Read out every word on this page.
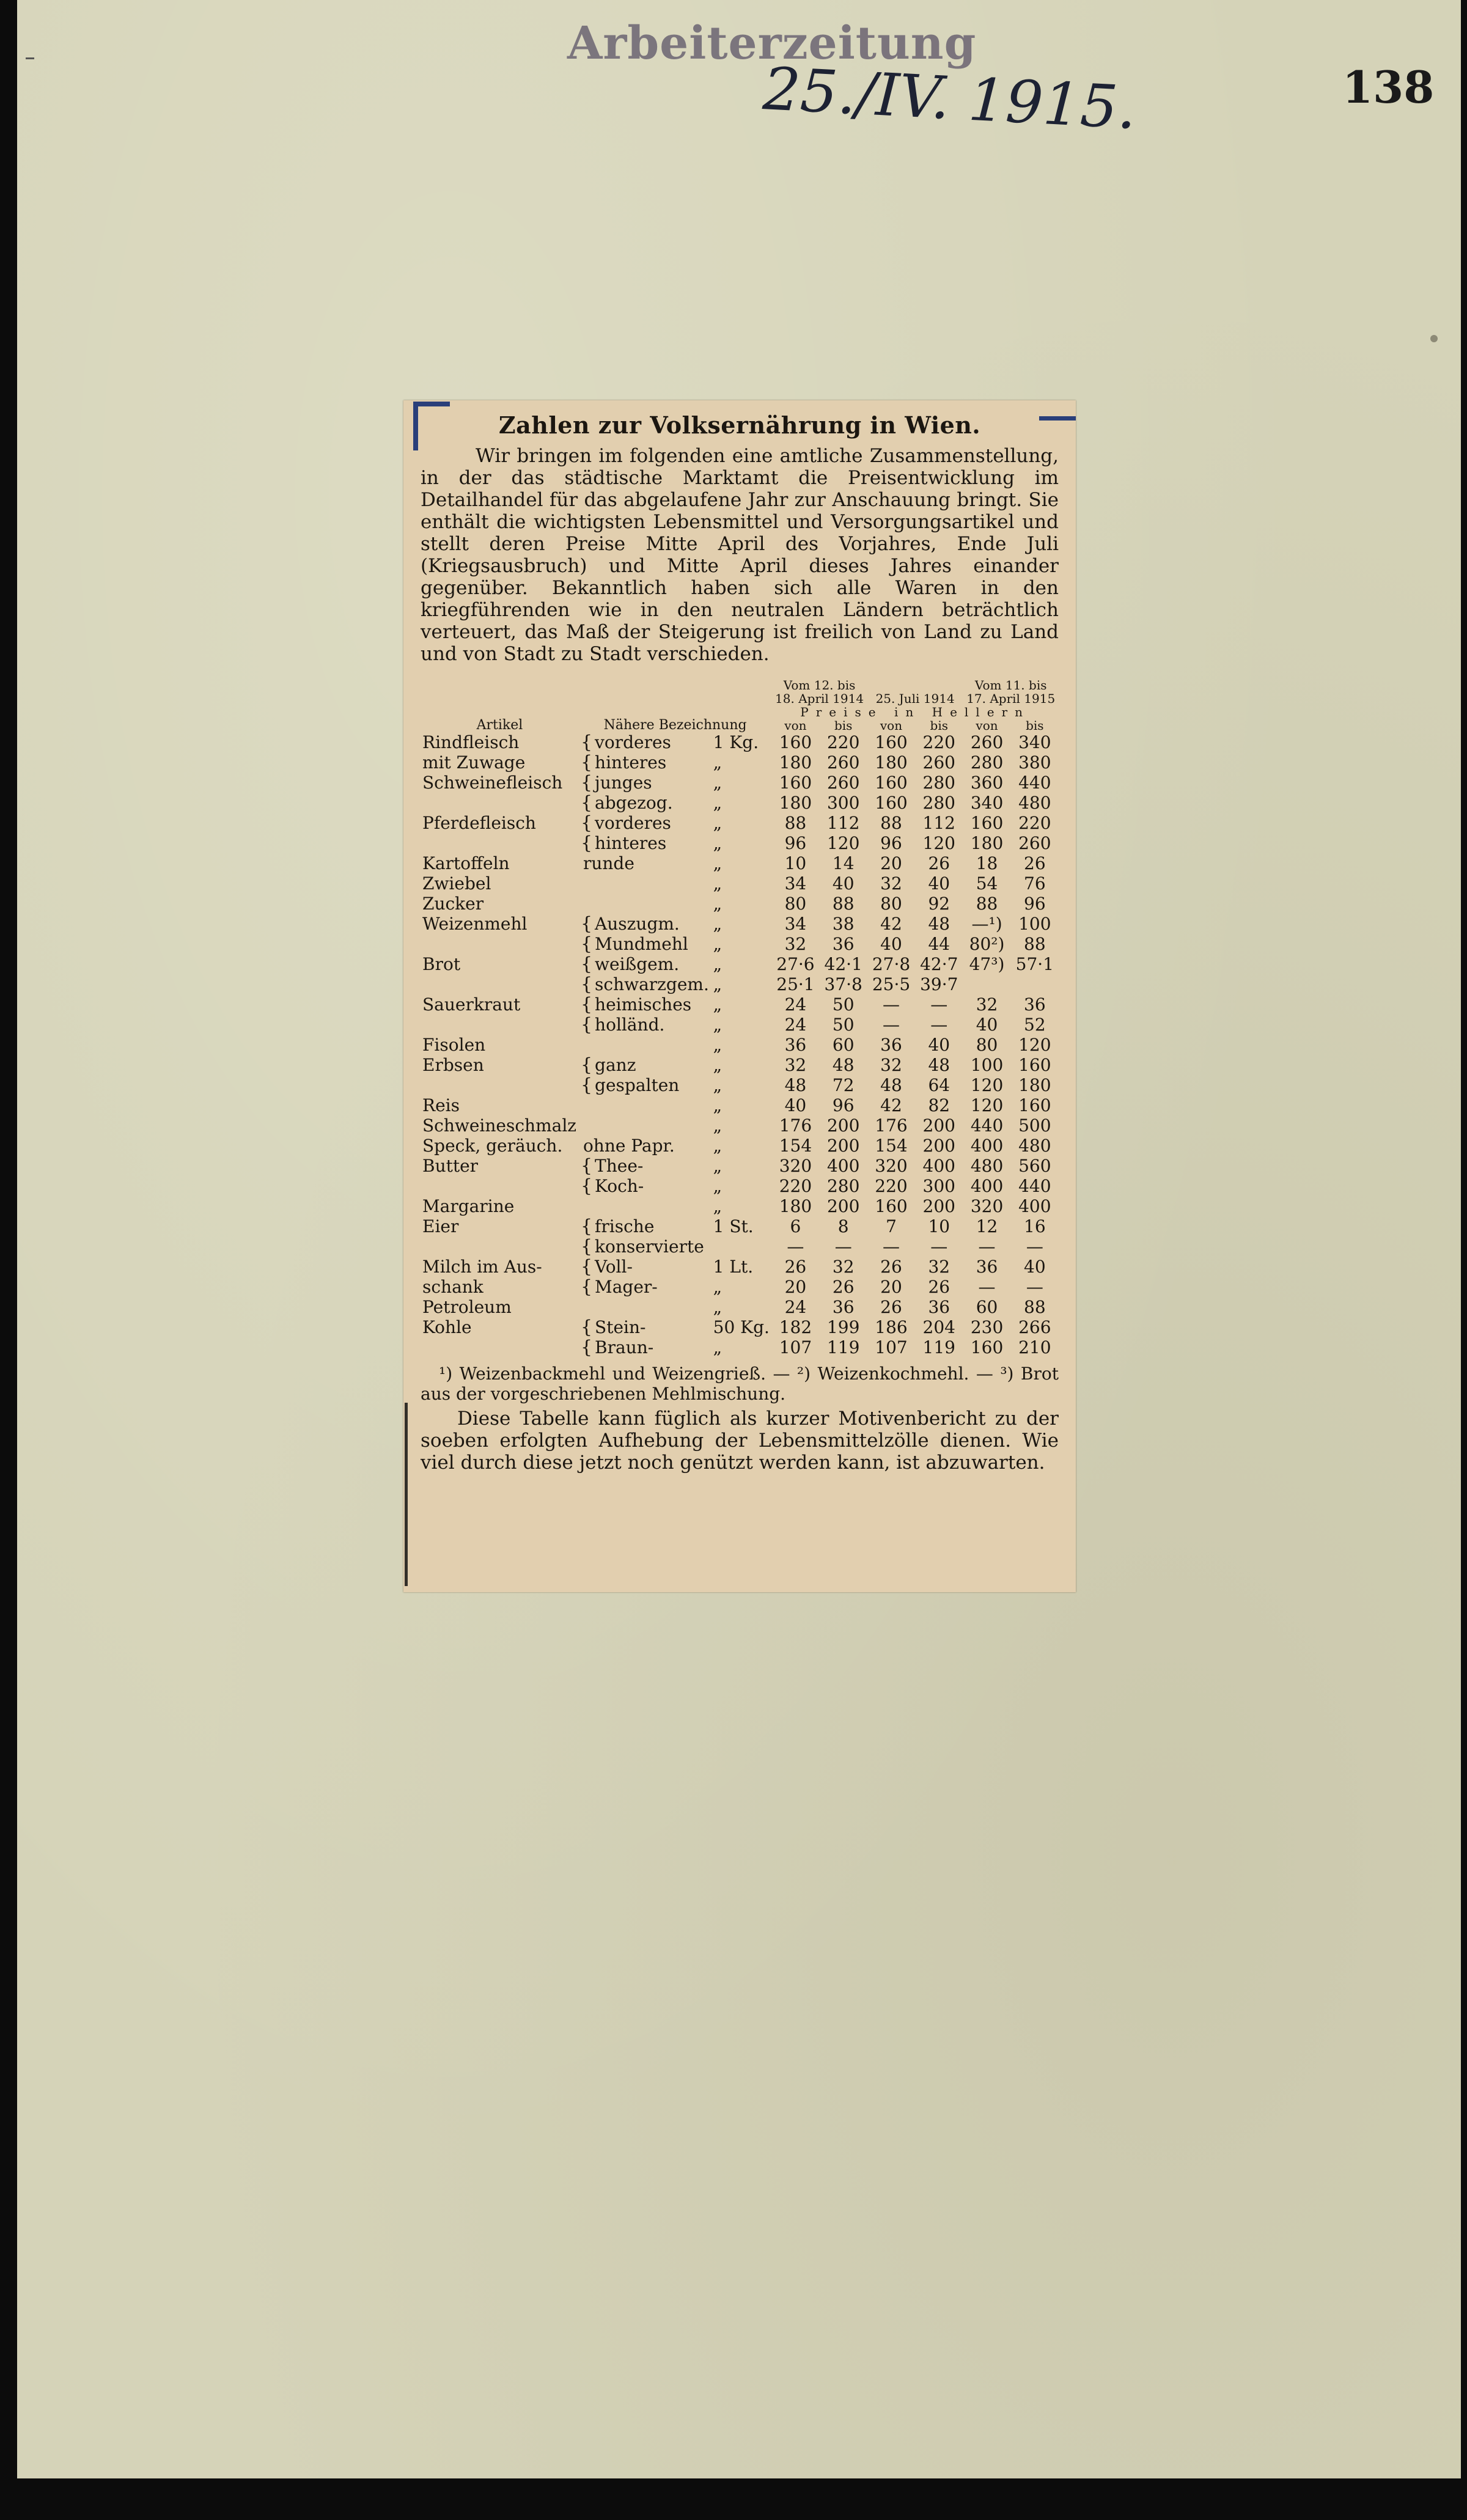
Arbeiterzeitung
25./IV. 1915.	138
Zahlen zur Volksernährung in Wien.

Wir bringen im folgenden eine amtliche Zusammenstellung, in der das städtische Marktamt die Preisentwicklung im Detailhandel für das abgelaufene Jahr zur Anschauung bringt. Sie enthält die wichtigsten Lebensmittel und Versorgungsartikel und stellt deren Preise Mitte April des Vorjahres, Ende Juli (Kriegsausbruch) und Mitte April dieses Jahres einander gegenüber. Bekanntlich haben sich alle Waren in den kriegführenden wie in den neutralen Ländern beträchtlich verteuert, das Maß der Steigerung ist freilich von Land zu Land und von Stadt zu Stadt verschieden.

Artikel	Nähere Bezeichnung		Vom 12. bis 18. April 1914		25. Juli 1914		Vom 11. bis 17. April 1915	
			Preise in Hellern					
			von	bis	von	bis	von	bis
Rindfleisch	{ vorderes	1 Kg.	160	220	160	220	260	340
mit Zuwage	{ hinteres	„	180	260	180	260	280	380
Schweinefleisch	{ junges	„	160	260	160	280	360	440
	{ abgezog.	„	180	300	160	280	340	480
Pferdefleisch	{ vorderes	„	88	112	88	112	160	220
	{ hinteres	„	96	120	96	120	180	260
Kartoffeln	runde	„	10	14	20	26	18	26
Zwiebel		„	34	40	32	40	54	76
Zucker		„	80	88	80	92	88	96
Weizenmehl	{ Auszugm.	„	34	38	42	48	—¹)	100
	{ Mundmehl	„	32	36	40	44	80²)	88
Brot	{ weißgem.	„	27·6	42·1	27·8	42·7	47³)	57·1
	{ schwarzgem.	„	25·1	37·8	25·5	39·7		
Sauerkraut	{ heimisches	„	24	50	—	—	32	36
	{ holländ.	„	24	50	—	—	40	52
Fisolen		„	36	60	36	40	80	120
Erbsen	{ ganz	„	32	48	32	48	100	160
	{ gespalten	„	48	72	48	64	120	180
Reis		„	40	96	42	82	120	160
Schweineschmalz		„	176	200	176	200	440	500
Speck, geräuch.	ohne Papr.	„	154	200	154	200	400	480
Butter	{ Thee-	„	320	400	320	400	480	560
	{ Koch-	„	220	280	220	300	400	440
Margarine		„	180	200	160	200	320	400
Eier	{ frische	1 St.	6	8	7	10	12	16
	{ konservierte		—	—	—	—	—	—
Milch im Aus-	{ Voll-	1 Lt.	26	32	26	32	36	40
schank	{ Mager-	„	20	26	20	26	—	—
Petroleum		„	24	36	26	36	60	88
Kohle	{ Stein-	50 Kg.	182	199	186	204	230	266
	{ Braun-	„	107	119	107	119	160	210

¹) Weizenbackmehl und Weizengrieß. — ²) Weizenkochmehl. — ³) Brot aus der vorgeschriebenen Mehlmischung.

Diese Tabelle kann füglich als kurzer Motivenbericht zu der soeben erfolgten Aufhebung der Lebensmittelzölle dienen. Wie viel durch diese jetzt noch genützt werden kann, ist abzuwarten.
